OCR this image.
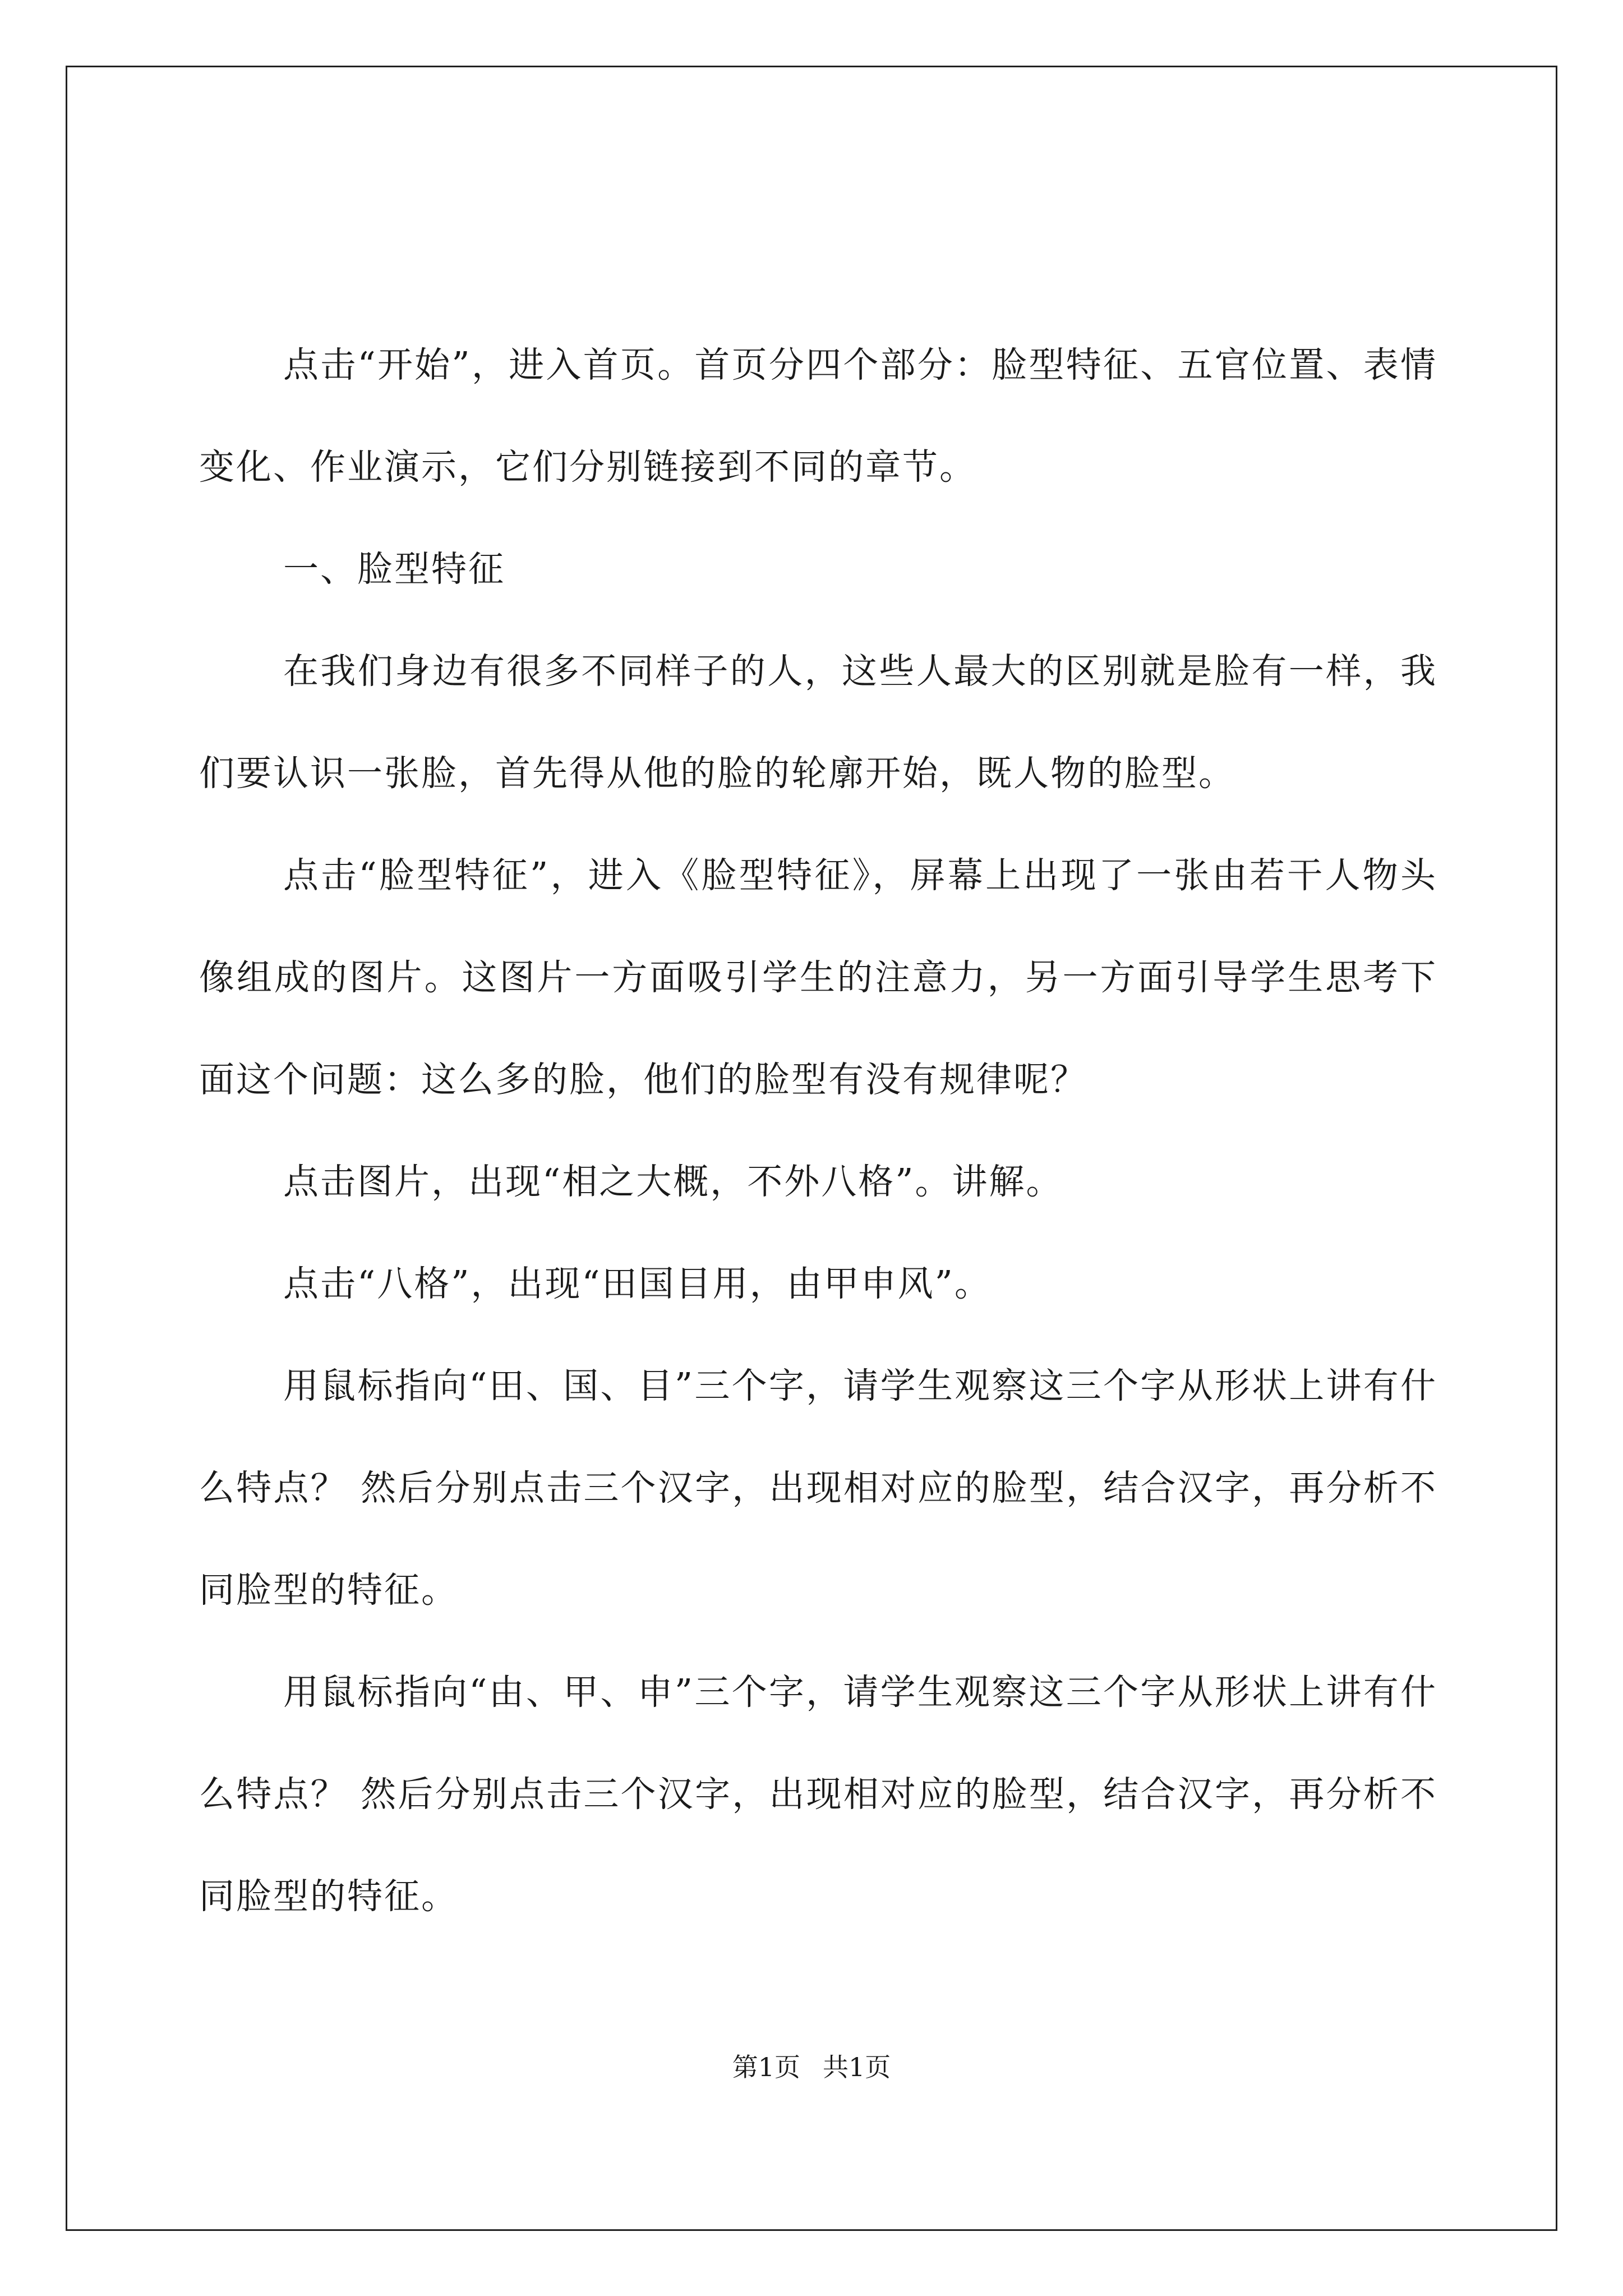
点击“开始”，进入首页。首页分四个部分：脸型特征、五官位置、表情变化、作业演示，它们分别链接到不同的章节。

一、脸型特征

在我们身边有很多不同样子的人，这些人最大的区别就是脸有一样，我们要认识一张脸，首先得从他的脸的轮廓开始，既人物的脸型。

点击“脸型特征”，进入《脸型特征》，屏幕上出现了一张由若干人物头像组成的图片。这图片一方面吸引学生的注意力，另一方面引导学生思考下面这个问题：这么多的脸，他们的脸型有没有规律呢？

点击图片，出现“相之大概，不外八格”。讲解。

点击“八格”，出现“田国目用，由甲申风”。

用鼠标指向“田、国、目”三个字，请学生观察这三个字从形状上讲有什么特点？ 然后分别点击三个汉字，出现相对应的脸型，结合汉字，再分析不同脸型的特征。

用鼠标指向“由、甲、申”三个字，请学生观察这三个字从形状上讲有什么特点？ 然后分别点击三个汉字，出现相对应的脸型，结合汉字，再分析不同脸型的特征。

第1页 共1页
